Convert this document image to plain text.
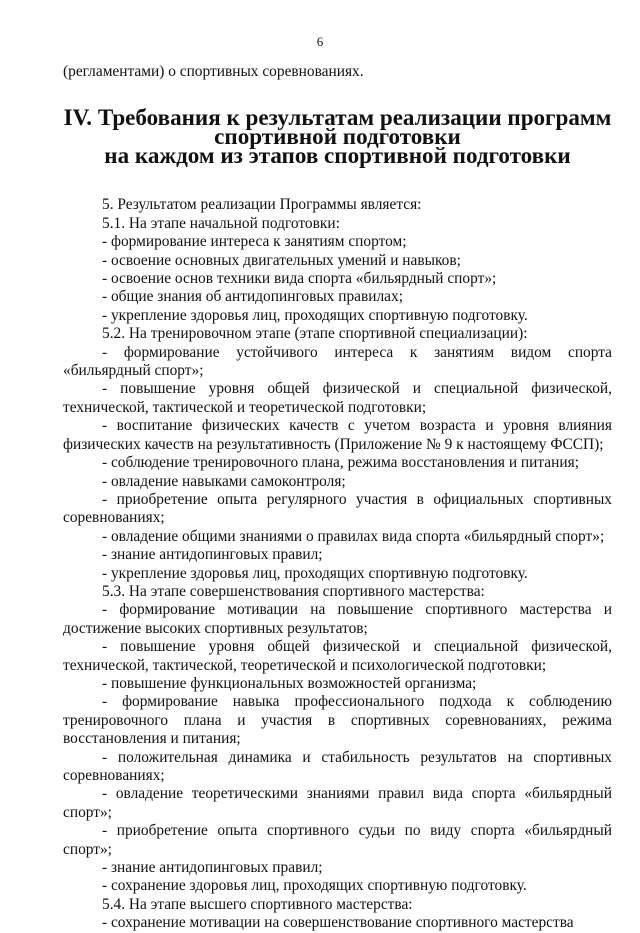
6

(регламентами) о спортивных соревнованиях.

IV. Требования к результатам реализации программ спортивной подготовки
на каждом из этапов спортивной подготовки

5. Результатом реализации Программы является:

5.1. На этапе начальной подготовки:

- формирование интереса к занятиям спортом;

- освоение основных двигательных умений и навыков;

- освоение основ техники вида спорта «бильярдный спорт»;

- общие знания об антидопинговых правилах;

- укрепление здоровья лиц, проходящих спортивную подготовку.

5.2. На тренировочном этапе (этапе спортивной специализации):

- формирование устойчивого интереса к занятиям видом спорта «бильярдный спорт»;

- повышение уровня общей физической и специальной физической, технической, тактической и теоретической подготовки;

- воспитание физических качеств с учетом возраста и уровня влияния физических качеств на результативность (Приложение № 9 к настоящему ФССП);

- соблюдение тренировочного плана, режима восстановления и питания;

- овладение навыками самоконтроля;

- приобретение опыта регулярного участия в официальных спортивных соревнованиях;

- овладение общими знаниями о правилах вида спорта «бильярдный спорт»;

- знание антидопинговых правил;

- укрепление здоровья лиц, проходящих спортивную подготовку.

5.3. На этапе совершенствования спортивного мастерства:

- формирование мотивации на повышение спортивного мастерства и достижение высоких спортивных результатов;

- повышение уровня общей физической и специальной физической, технической, тактической, теоретической и психологической подготовки;

- повышение функциональных возможностей организма;

- формирование навыка профессионального подхода к соблюдению тренировочного плана и участия в спортивных соревнованиях, режима восстановления и питания;

- положительная динамика и стабильность результатов на спортивных соревнованиях;

- овладение теоретическими знаниями правил вида спорта «бильярдный спорт»;

- приобретение опыта спортивного судьи по виду спорта «бильярдный спорт»;

- знание антидопинговых правил;

- сохранение здоровья лиц, проходящих спортивную подготовку.

5.4. На этапе высшего спортивного мастерства:

- сохранение мотивации на совершенствование спортивного мастерства
